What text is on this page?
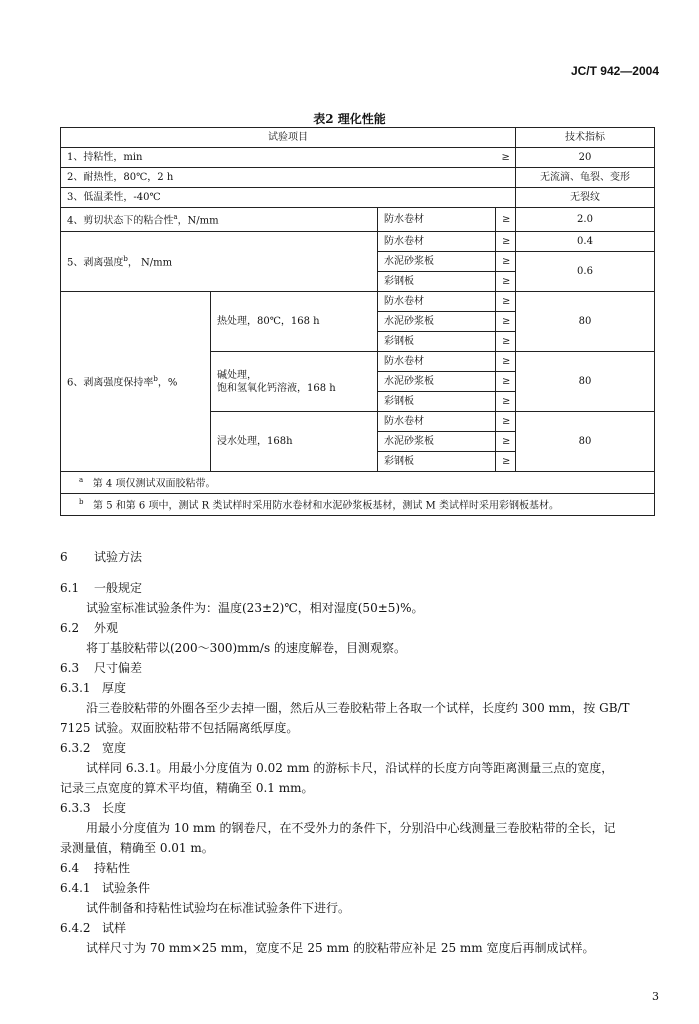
JC/T 942—2004
表2 理化性能
试验项目				技术指标
1、持粘性，min			≥	20
2、耐热性，80℃，2 h				无流滴、龟裂、变形
3、低温柔性，-40℃				无裂纹
4、剪切状态下的粘合性$^a$，N/mm		防水卷材	≥	2.0
5、剥离强度$^b$， N/mm		防水卷材	≥	0.4
		水泥砂浆板	≥	0.6
		彩钢板	≥	
6、剥离强度保持率$^b$，%	热处理，80℃，168 h	防水卷材	≥	80
		水泥砂浆板	≥	
		彩钢板	≥	
	碱处理，
饱和氢氧化钙溶液，168 h	防水卷材	≥	80
		水泥砂浆板	≥	
		彩钢板	≥	
	浸水处理，168h	防水卷材	≥	80
		水泥砂浆板	≥	
		彩钢板	≥	
$^a$ 第 4 项仅测试双面胶粘带。				
$^b$ 第 5 和第 6 项中，测试 R 类试样时采用防水卷材和水泥砂浆板基材，测试 M 类试样时采用彩钢板基材。				
6 试验方法
6.1 一般规定
试验室标准试验条件为：温度(23±2)℃，相对湿度(50±5)%。
6.2 外观
将丁基胶粘带以(200～300)mm/s 的速度解卷，目测观察。
6.3 尺寸偏差
6.3.1 厚度
沿三卷胶粘带的外圈各至少去掉一圈，然后从三卷胶粘带上各取一个试样，长度约 300 mm，按 GB/T
7125 试验。双面胶粘带不包括隔离纸厚度。
6.3.2 宽度
试样同 6.3.1。用最小分度值为 0.02 mm 的游标卡尺，沿试样的长度方向等距离测量三点的宽度，
记录三点宽度的算术平均值，精确至 0.1 mm。
6.3.3 长度
用最小分度值为 10 mm 的钢卷尺，在不受外力的条件下，分别沿中心线测量三卷胶粘带的全长，记
录测量值，精确至 0.01 m。
6.4 持粘性
6.4.1 试验条件
试件制备和持粘性试验均在标准试验条件下进行。
6.4.2 试样
试样尺寸为 70 mm×25 mm，宽度不足 25 mm 的胶粘带应补足 25 mm 宽度后再制成试样。
3
